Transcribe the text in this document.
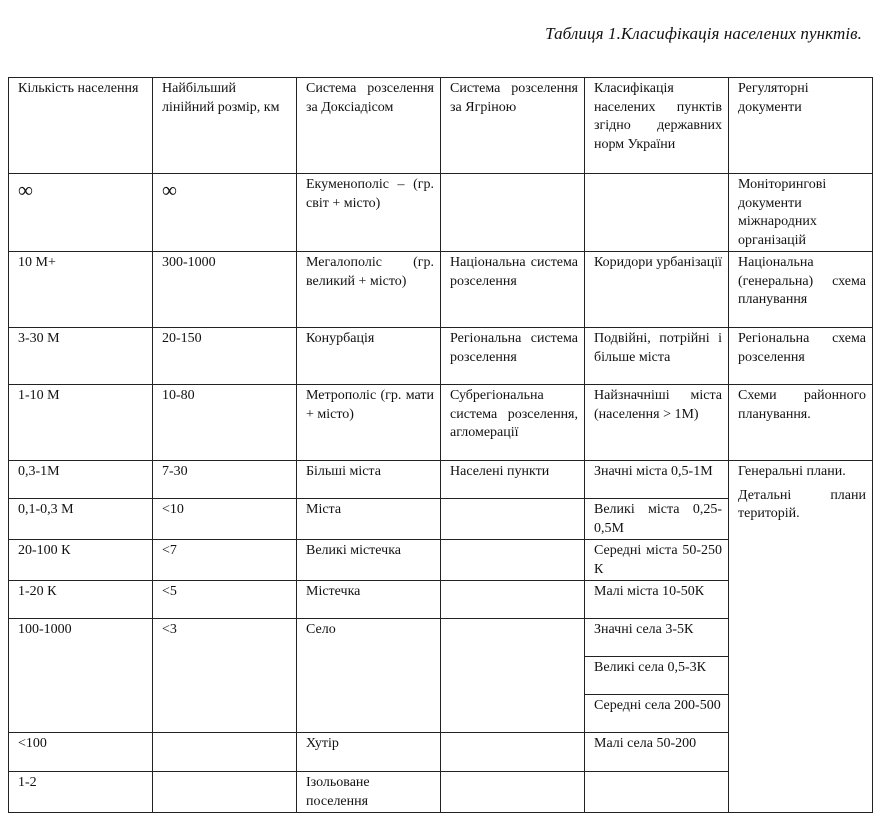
Таблиця 1.Класифікація населених пунктів.
Кількість населення	Найбільший лінійний розмір, км	Система розселення за Доксіадісом	Система розселення за Ягріною	Класифікація населених пунктів згідно державних норм України	Регуляторні документи	
∞	∞	Екуменополіс – (гр. світ + місто)			Моніторингові документи міжнародних організацій	
10 М+	300-1000	Мегалополіс (гр. великий + місто)	Національна система розселення	Коридори урбанізації	Національна (генеральна) схема планування	
3-30 М	20-150	Конурбація	Регіональна система розселення	Подвійні, потрійні і більше міста	Регіональна схема розселення	
1-10 М	10-80	Метрополіс (гр. мати + місто)	Субрегіональна система розселення, агломерації	Найзначніші міста (населення > 1М)	Схеми районного планування.	
0,3-1М	7-30	Більші міста	Населені пункти	Значні міста 0,5-1М	Генеральні плани.
Детальні плани територій.	
0,1-0,3 М	<10	Міста		Великі міста 0,25-0,5М		
20-100 К	<7	Великі містечка		Середні міста 50-250 К		
1-20 К	<5	Містечка		Малі міста 10-50К		
100-1000	<3	Село		Значні села 3-5К		
				Великі села 0,5-3К		
				Середні села 200-500		
<100		Хутір		Малі села 50-200		
1-2		Ізольоване поселення				
